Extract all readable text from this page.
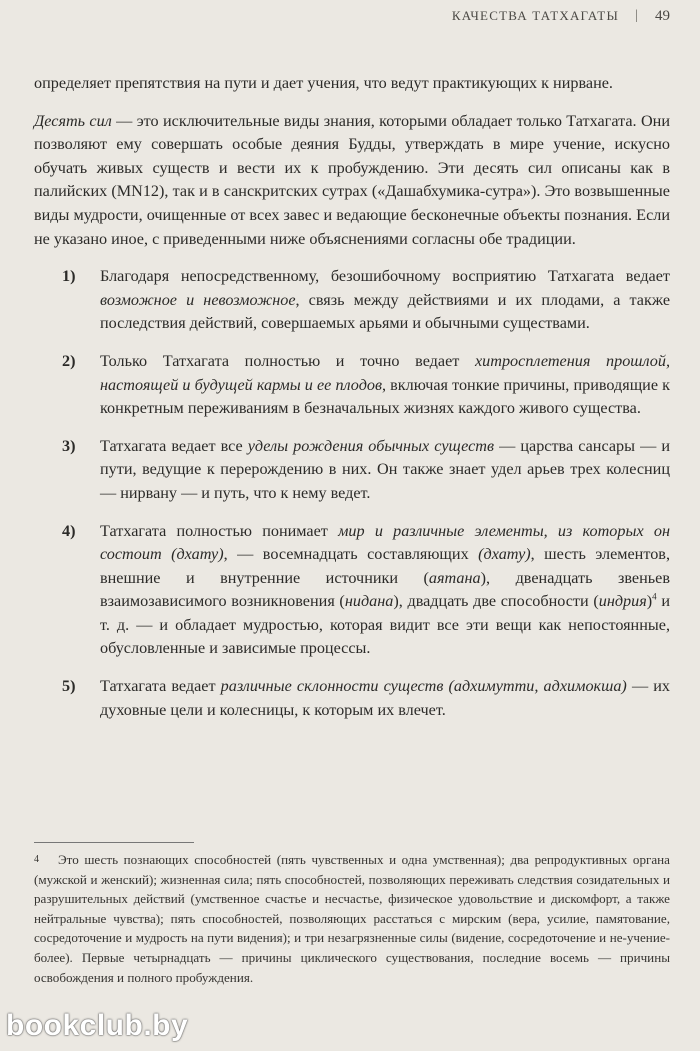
КАЧЕСТВА ТАТХАГАТЫ | 49

определяет препятствия на пути и дает учения, что ведут практикующих к нирване.

Десять сил — это исключительные виды знания, которыми обладает только Татхагата. Они позволяют ему совершать особые деяния Будды, утверждать в мире учение, искусно обучать живых существ и вести их к пробуждению. Эти десять сил описаны как в палийских (MN12), так и в санскритских сутрах («Дашабхумика-сутра»). Это возвышенные виды мудрости, очищенные от всех завес и ведающие бесконечные объекты познания. Если не указано иное, с приведенными ниже объяснениями согласны обе традиции.

1)	Благодаря непосредственному, безошибочному восприятию Татхагата ведает возможное и невозможное, связь между действиями и их плодами, а также последствия действий, совершаемых арьями и обычными существами.
2)	Только Татхагата полностью и точно ведает хитросплетения прошлой, настоящей и будущей кармы и ее плодов, включая тонкие причины, приводящие к конкретным переживаниям в безначальных жизнях каждого живого существа.
3)	Татхагата ведает все уделы рождения обычных существ — царства сансары — и пути, ведущие к перерождению в них. Он также знает удел арьев трех колесниц — нирвану — и путь, что к нему ведет.
4)	Татхагата полностью понимает мир и различные элементы, из которых он состоит (дхату), — восемнадцать составляющих (дхату), шесть элементов, внешние и внутренние источники (аятана), двенадцать звеньев взаимозависимого возникновения (нидана), двадцать две способности (индрия)$^4$ и т. д. — и обладает мудростью, которая видит все эти вещи как непостоянные, обусловленные и зависимые процессы.
5)	Татхагата ведает различные склонности существ (адхимутти, адхимокша) — их духовные цели и колесницы, к которым их влечет.
4 Это шесть познающих способностей (пять чувственных и одна умственная); два репродуктивных органа (мужской и женский); жизненная сила; пять способностей, позволяющих переживать следствия созидательных и разрушительных действий (умственное счастье и несчастье, физическое удовольствие и дискомфорт, а также нейтральные чувства); пять способностей, позволяющих расстаться с мирским (вера, усилие, памятование, сосредоточение и мудрость на пути видения); и три незагрязненные силы (видение, сосредоточение и не-учение-более). Первые четырнадцать — причины циклического существования, последние восемь — причины освобождения и полного пробуждения.
bookclub.by
